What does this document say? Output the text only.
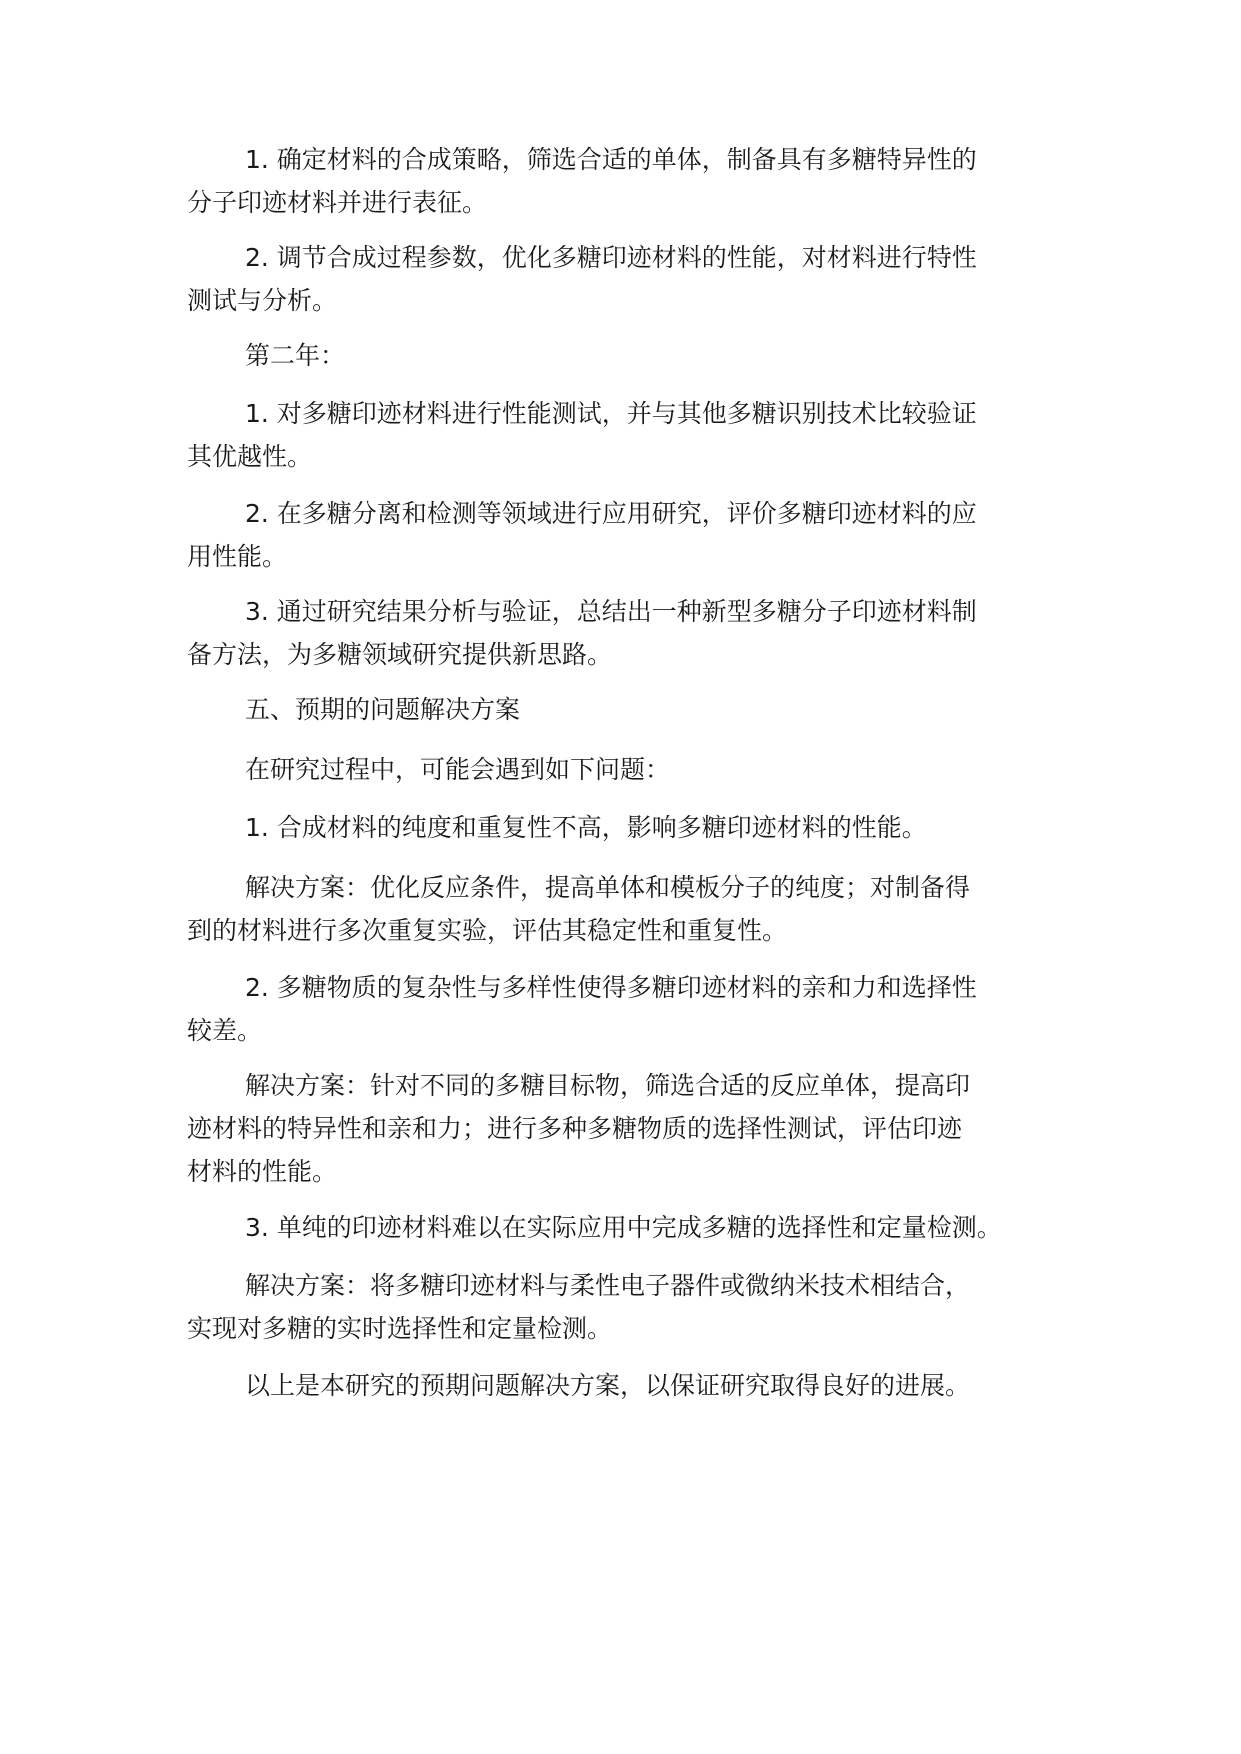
1. 确定材料的合成策略，筛选合适的单体，制备具有多糖特异性的
分子印迹材料并进行表征。

2. 调节合成过程参数，优化多糖印迹材料的性能，对材料进行特性
测试与分析。

第二年：

1. 对多糖印迹材料进行性能测试，并与其他多糖识别技术比较验证
其优越性。

2. 在多糖分离和检测等领域进行应用研究，评价多糖印迹材料的应
用性能。

3. 通过研究结果分析与验证，总结出一种新型多糖分子印迹材料制
备方法，为多糖领域研究提供新思路。

五、预期的问题解决方案

在研究过程中，可能会遇到如下问题：

1. 合成材料的纯度和重复性不高，影响多糖印迹材料的性能。

解决方案：优化反应条件，提高单体和模板分子的纯度；对制备得
到的材料进行多次重复实验，评估其稳定性和重复性。

2. 多糖物质的复杂性与多样性使得多糖印迹材料的亲和力和选择性
较差。

解决方案：针对不同的多糖目标物，筛选合适的反应单体，提高印
迹材料的特异性和亲和力；进行多种多糖物质的选择性测试，评估印迹
材料的性能。

3. 单纯的印迹材料难以在实际应用中完成多糖的选择性和定量检测。

解决方案：将多糖印迹材料与柔性电子器件或微纳米技术相结合，
实现对多糖的实时选择性和定量检测。

以上是本研究的预期问题解决方案，以保证研究取得良好的进展。
